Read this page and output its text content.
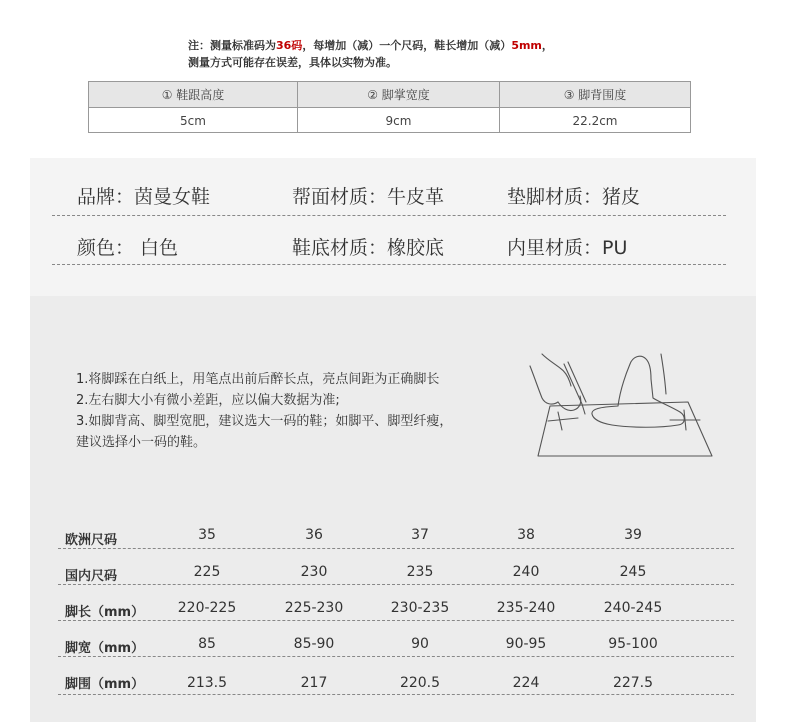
注：测量标准码为36码，每增加（减）一个尺码，鞋长增加（减）5mm，
测量方式可能存在误差，具体以实物为准。
① 鞋跟高度	② 脚掌宽度	③ 脚背围度
5cm	9cm	22.2cm
品牌：茵曼女鞋	帮面材质：牛皮革	垫脚材质：猪皮
颜色： 白色	鞋底材质：橡胶底	内里材质：PU
1.将脚踩在白纸上，用笔点出前后醉长点，亮点间距为正确脚长
2.左右脚大小有微小差距，应以偏大数据为准;
3.如脚背高、脚型宽肥，建议选大一码的鞋；如脚平、脚型纤瘦，
建议选择小一码的鞋。
欧洲尺码	35	36	37	38	39
国内尺码	225	230	235	240	245
脚长（mm）	220-225	225-230	230-235	235-240	240-245
脚宽（mm）	85	85-90	90	90-95	95-100
脚围（mm）	213.5	217	220.5	224	227.5
